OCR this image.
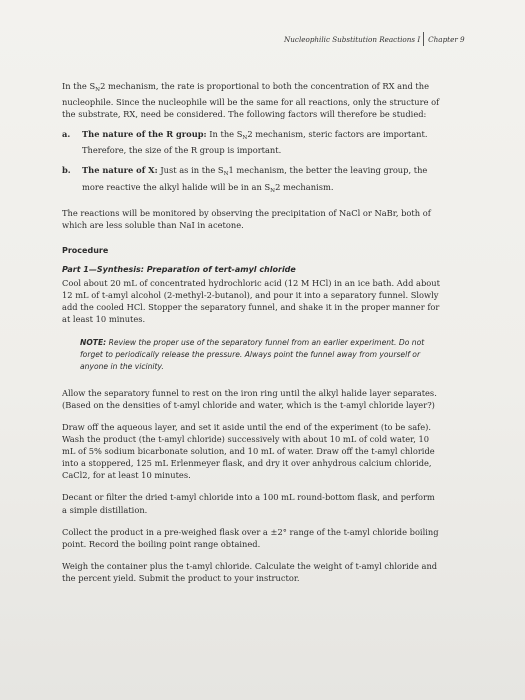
Nucleophilic Substitution Reactions I Chapter 9

In the $S_N2$ mechanism, the rate is proportional to both the concentration of RX and the nucleophile. Since the nucleophile will be the same for all reactions, only the structure of the substrate, RX, need be considered. The following factors will therefore be studied:

a. The nature of the R group: In the $S_N2$ mechanism, steric factors are important. Therefore, the size of the R group is important.

b. The nature of X: Just as in the $S_N1$ mechanism, the better the leaving group, the more reactive the alkyl halide will be in an $S_N2$ mechanism.

The reactions will be monitored by observing the precipitation of NaCl or NaBr, both of which are less soluble than NaI in acetone.

Procedure

Part 1—Synthesis: Preparation of tert-amyl chloride

Cool about 20 mL of concentrated hydrochloric acid (12 M HCl) in an ice bath. Add about 12 mL of t-amyl alcohol (2-methyl-2-butanol), and pour it into a separatory funnel. Slowly add the cooled HCl. Stopper the separatory funnel, and shake it in the proper manner for at least 10 minutes.

NOTE: Review the proper use of the separatory funnel from an earlier experiment. Do not forget to periodically release the pressure. Always point the funnel away from yourself or anyone in the vicinity.

Allow the separatory funnel to rest on the iron ring until the alkyl halide layer separates. (Based on the densities of t-amyl chloride and water, which is the t-amyl chloride layer?)

Draw off the aqueous layer, and set it aside until the end of the experiment (to be safe). Wash the product (the t-amyl chloride) successively with about 10 mL of cold water, 10 mL of 5% sodium bicarbonate solution, and 10 mL of water. Draw off the t-amyl chloride into a stoppered, 125 mL Erlenmeyer flask, and dry it over anhydrous calcium chloride, CaCl2, for at least 10 minutes.

Decant or filter the dried t-amyl chloride into a 100 mL round-bottom flask, and perform a simple distillation.

Collect the product in a pre-weighed flask over a ±2° range of the t-amyl chloride boiling point. Record the boiling point range obtained.

Weigh the container plus the t-amyl chloride. Calculate the weight of t-amyl chloride and the percent yield. Submit the product to your instructor.
